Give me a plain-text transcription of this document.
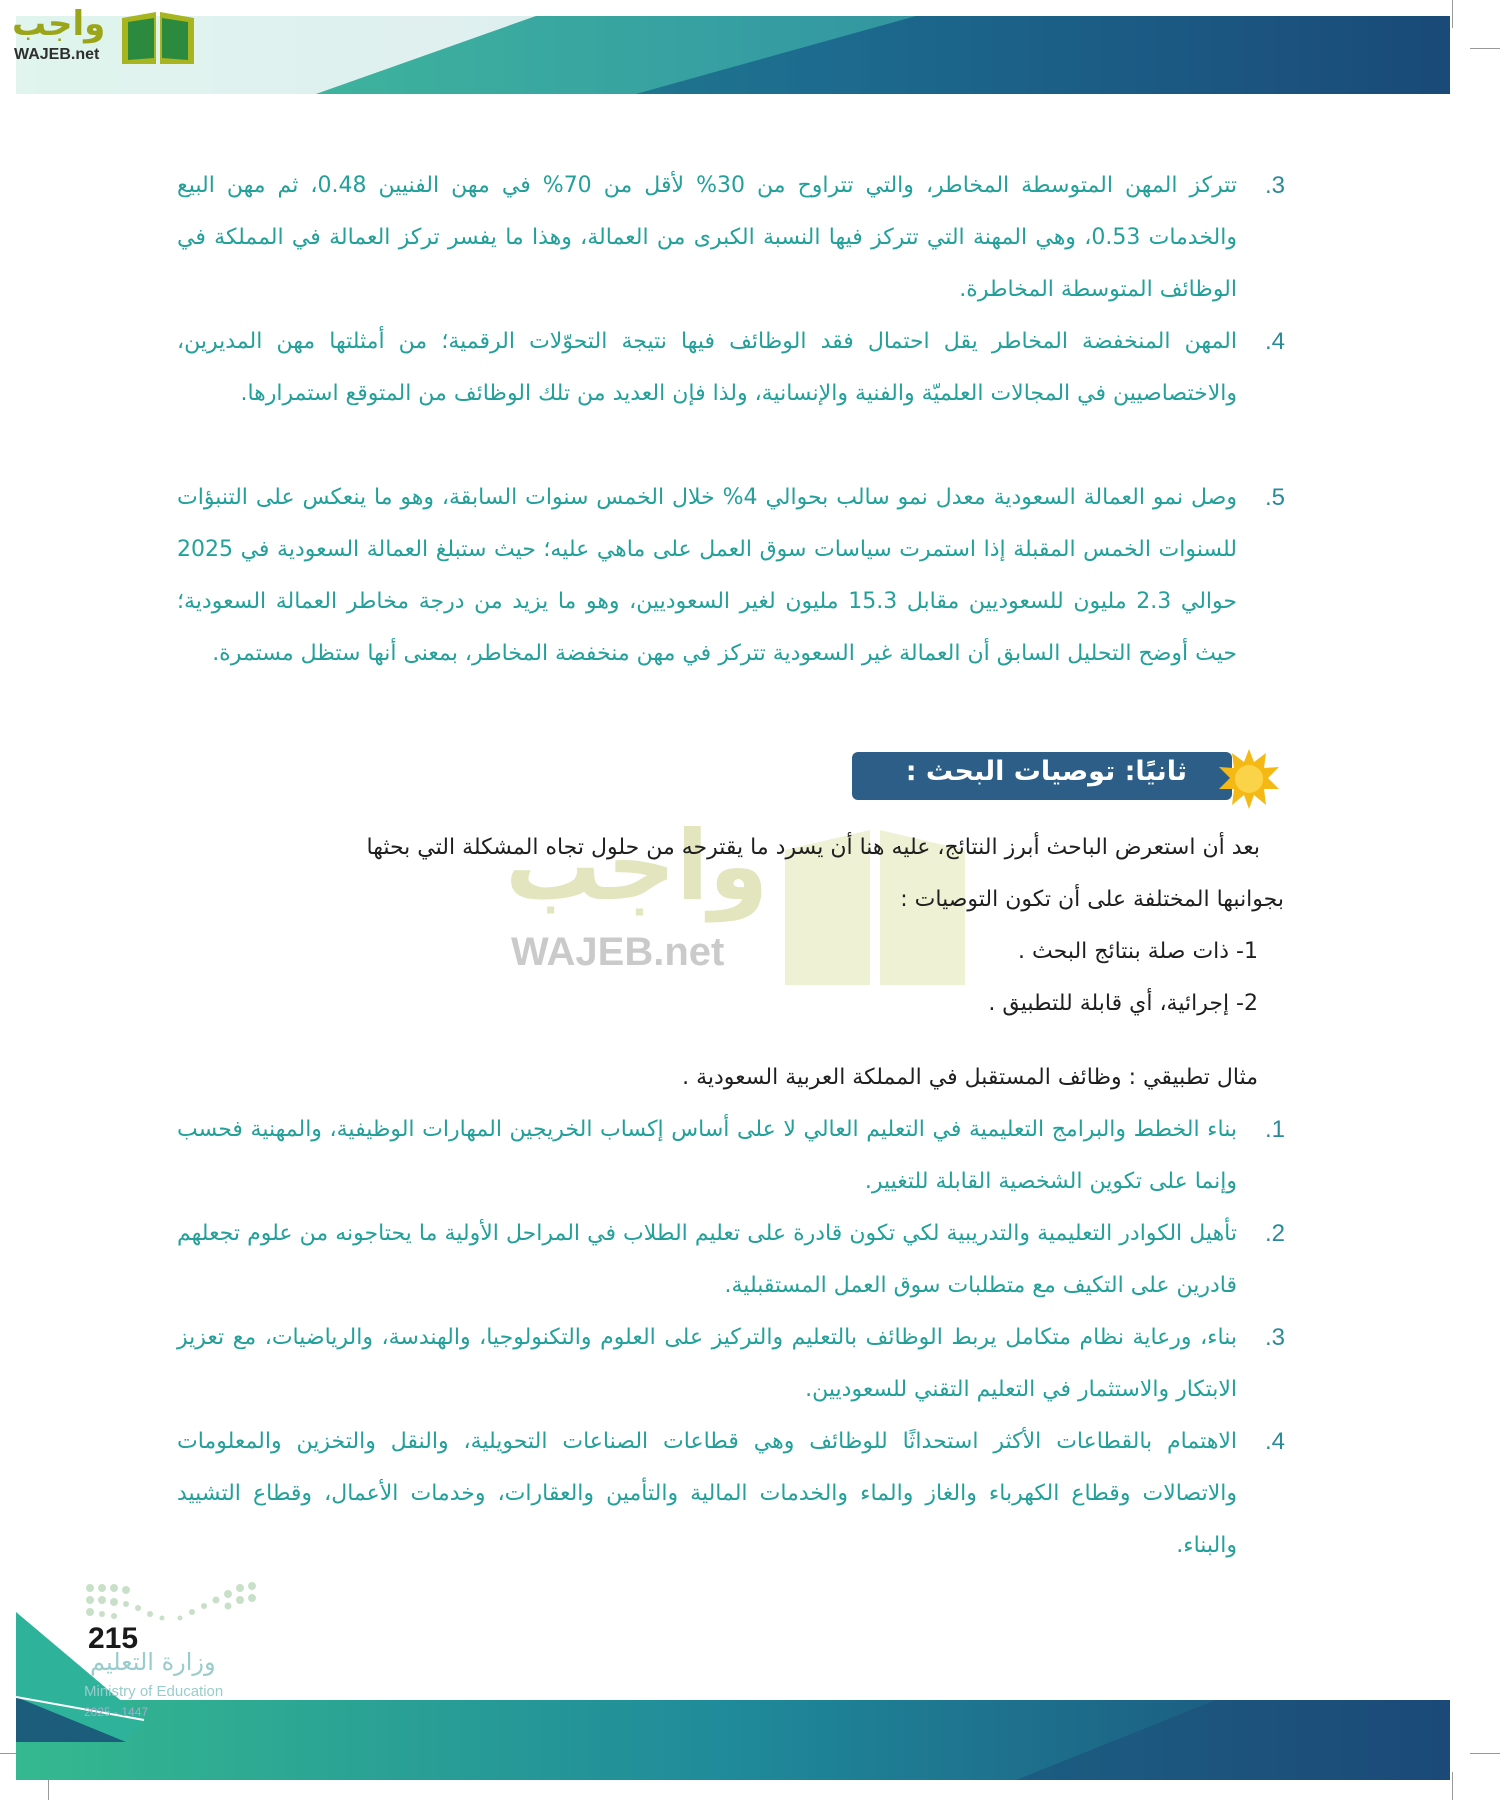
واجب
WAJEB.net
واجب
WAJEB.net
3.
تتركز المهن المتوسطة المخاطر، والتي تتراوح من 30% لأقل من 70% في مهن الفنيين 0.48، ثم مهن البيع والخدمات 0.53، وهي المهنة التي تتركز فيها النسبة الكبرى من العمالة، وهذا ما يفسر تركز العمالة في المملكة في الوظائف المتوسطة المخاطرة.
4.
المهن المنخفضة المخاطر يقل احتمال فقد الوظائف فيها نتيجة التحوّلات الرقمية؛ من أمثلتها مهن المديرين، والاختصاصيين في المجالات العلميّة والفنية والإنسانية، ولذا فإن العديد من تلك الوظائف من المتوقع استمرارها.
5.
وصل نمو العمالة السعودية معدل نمو سالب بحوالي 4% خلال الخمس سنوات السابقة، وهو ما ينعكس على التنبؤات للسنوات الخمس المقبلة إذا استمرت سياسات سوق العمل على ماهي عليه؛ حيث ستبلغ العمالة السعودية في 2025 حوالي 2.3 مليون للسعوديين مقابل 15.3 مليون لغير السعوديين، وهو ما يزيد من درجة مخاطر العمالة السعودية؛ حيث أوضح التحليل السابق أن العمالة غير السعودية تتركز في مهن منخفضة المخاطر، بمعنى أنها ستظل مستمرة.
ثانيًا: توصيات البحث :
بعد أن استعرض الباحث أبرز النتائج، عليه هنا أن يسرد ما يقترحه من حلول تجاه المشكلة التي بحثها
بجوانبها المختلفة على أن تكون التوصيات :
1- ذات صلة بنتائج البحث .
2- إجرائية، أي قابلة للتطبيق .
مثال تطبيقي : وظائف المستقبل في المملكة العربية السعودية .
1.
بناء الخطط والبرامج التعليمية في التعليم العالي لا على أساس إكساب الخريجين المهارات الوظيفية، والمهنية فحسب وإنما على تكوين الشخصية القابلة للتغيير.
2.
تأهيل الكوادر التعليمية والتدريبية لكي تكون قادرة على تعليم الطلاب في المراحل الأولية ما يحتاجونه من علوم تجعلهم قادرين على التكيف مع متطلبات سوق العمل المستقبلية.
3.
بناء، ورعاية نظام متكامل يربط الوظائف بالتعليم والتركيز على العلوم والتكنولوجيا، والهندسة، والرياضيات، مع تعزيز الابتكار والاستثمار في التعليم التقني للسعوديين.
4.
الاهتمام بالقطاعات الأكثر استحداثًا للوظائف وهي قطاعات الصناعات التحويلية، والنقل والتخزين والمعلومات والاتصالات وقطاع الكهرباء والغاز والماء والخدمات المالية والتأمين والعقارات، وخدمات الأعمال، وقطاع التشييد والبناء.
وزارة التعليم
Ministry of Education
2025 - 1447
215
